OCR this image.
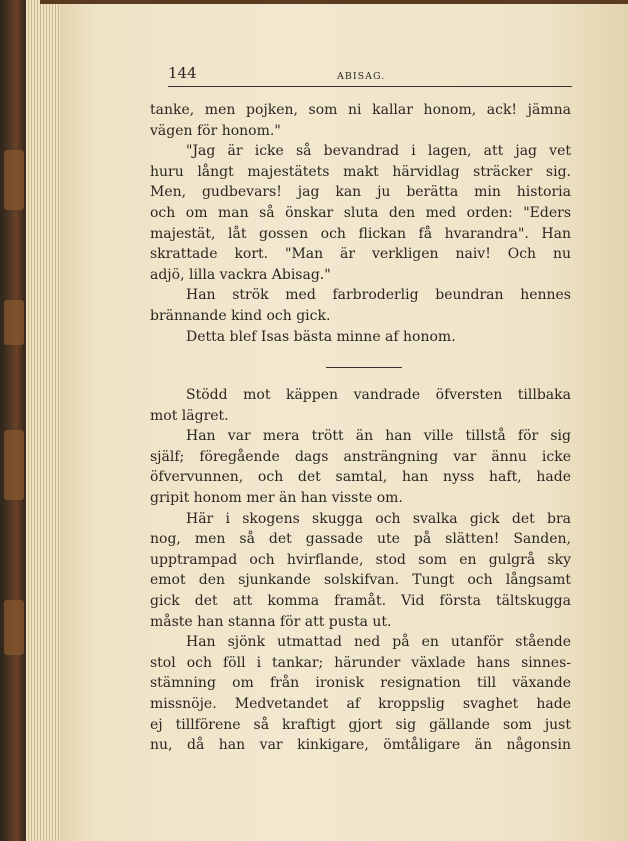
144	ABISAG.
tanke, men pojken, som ni kallar honom, ack! jämna
vägen för honom."
"Jag är icke så bevandrad i lagen, att jag vet
huru långt majestätets makt härvidlag sträcker sig.
Men, gudbevars! jag kan ju berätta min historia
och om man så önskar sluta den med orden: "Eders
majestät, låt gossen och flickan få hvarandra". Han
skrattade kort. "Man är verkligen naiv! Och nu
adjö, lilla vackra Abisag."
Han strök med farbroderlig beundran hennes
brännande kind och gick.
Detta blef Isas bästa minne af honom.
Stödd mot käppen vandrade öfversten tillbaka
mot lägret.
Han var mera trött än han ville tillstå för sig
själf; föregående dags ansträngning var ännu icke
öfvervunnen, och det samtal, han nyss haft, hade
gripit honom mer än han visste om.
Här i skogens skugga och svalka gick det bra
nog, men så det gassade ute på slätten! Sanden,
upptrampad och hvirflande, stod som en gulgrå sky
emot den sjunkande solskifvan. Tungt och långsamt
gick det att komma framåt. Vid första tältskugga
måste han stanna för att pusta ut.
Han sjönk utmattad ned på en utanför stående
stol och föll i tankar; härunder växlade hans sinnes-
stämning om från ironisk resignation till växande
missnöje. Medvetandet af kroppslig svaghet hade
ej tillförene så kraftigt gjort sig gällande som just
nu, då han var kinkigare, ömtåligare än någonsin
